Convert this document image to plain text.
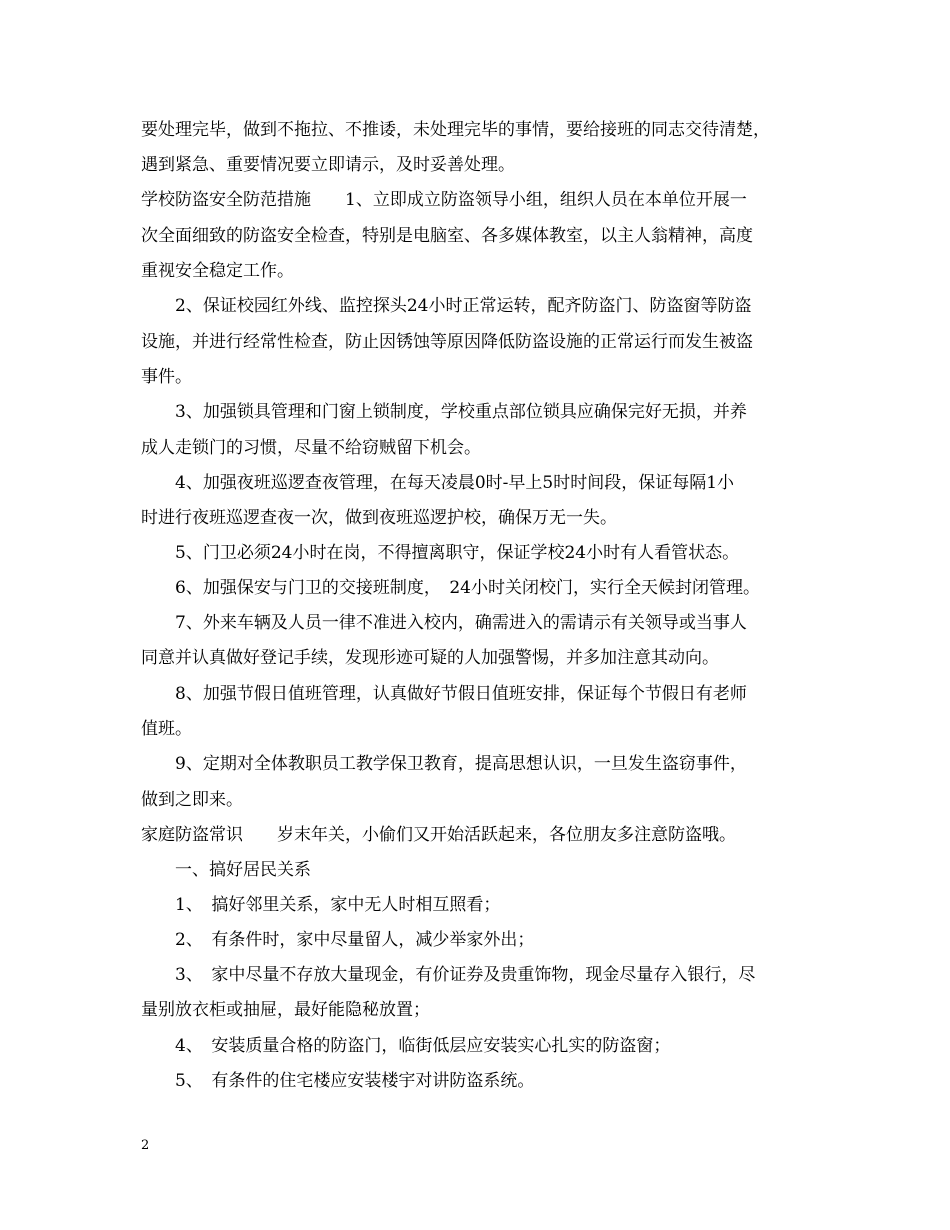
要处理完毕，做到不拖拉、不推诿，未处理完毕的事情，要给接班的同志交待清楚，
遇到紧急、重要情况要立即请示，及时妥善处理。
学校防盗安全防范措施　　1、立即成立防盗领导小组，组织人员在本单位开展一
次全面细致的防盗安全检查，特别是电脑室、各多媒体教室，以主人翁精神，高度
重视安全稳定工作。
2、保证校园红外线、监控探头24小时正常运转，配齐防盗门、防盗窗等防盗
设施，并进行经常性检查，防止因锈蚀等原因降低防盗设施的正常运行而发生被盗
事件。
3、加强锁具管理和门窗上锁制度，学校重点部位锁具应确保完好无损，并养
成人走锁门的习惯，尽量不给窃贼留下机会。
4、加强夜班巡逻查夜管理，在每天凌晨0时-早上5时时间段，保证每隔1小
时进行夜班巡逻查夜一次，做到夜班巡逻护校，确保万无一失。
5、门卫必须24小时在岗，不得擅离职守，保证学校24小时有人看管状态。
6、加强保安与门卫的交接班制度，　24小时关闭校门，实行全天候封闭管理。
7、外来车辆及人员一律不准进入校内，确需进入的需请示有关领导或当事人
同意并认真做好登记手续，发现形迹可疑的人加强警惕，并多加注意其动向。
8、加强节假日值班管理，认真做好节假日值班安排，保证每个节假日有老师
值班。
9、定期对全体教职员工教学保卫教育，提高思想认识，一旦发生盗窃事件，
做到之即来。
家庭防盗常识　　岁末年关，小偷们又开始活跃起来，各位朋友多注意防盗哦。
一、搞好居民关系
1、　搞好邻里关系，家中无人时相互照看；
2、　有条件时，家中尽量留人，减少举家外出；
3、　家中尽量不存放大量现金，有价证券及贵重饰物，现金尽量存入银行，尽
量别放衣柜或抽屉，最好能隐秘放置；
4、　安装质量合格的防盗门，临街低层应安装实心扎实的防盗窗；
5、　有条件的住宅楼应安装楼宇对讲防盗系统。
2
